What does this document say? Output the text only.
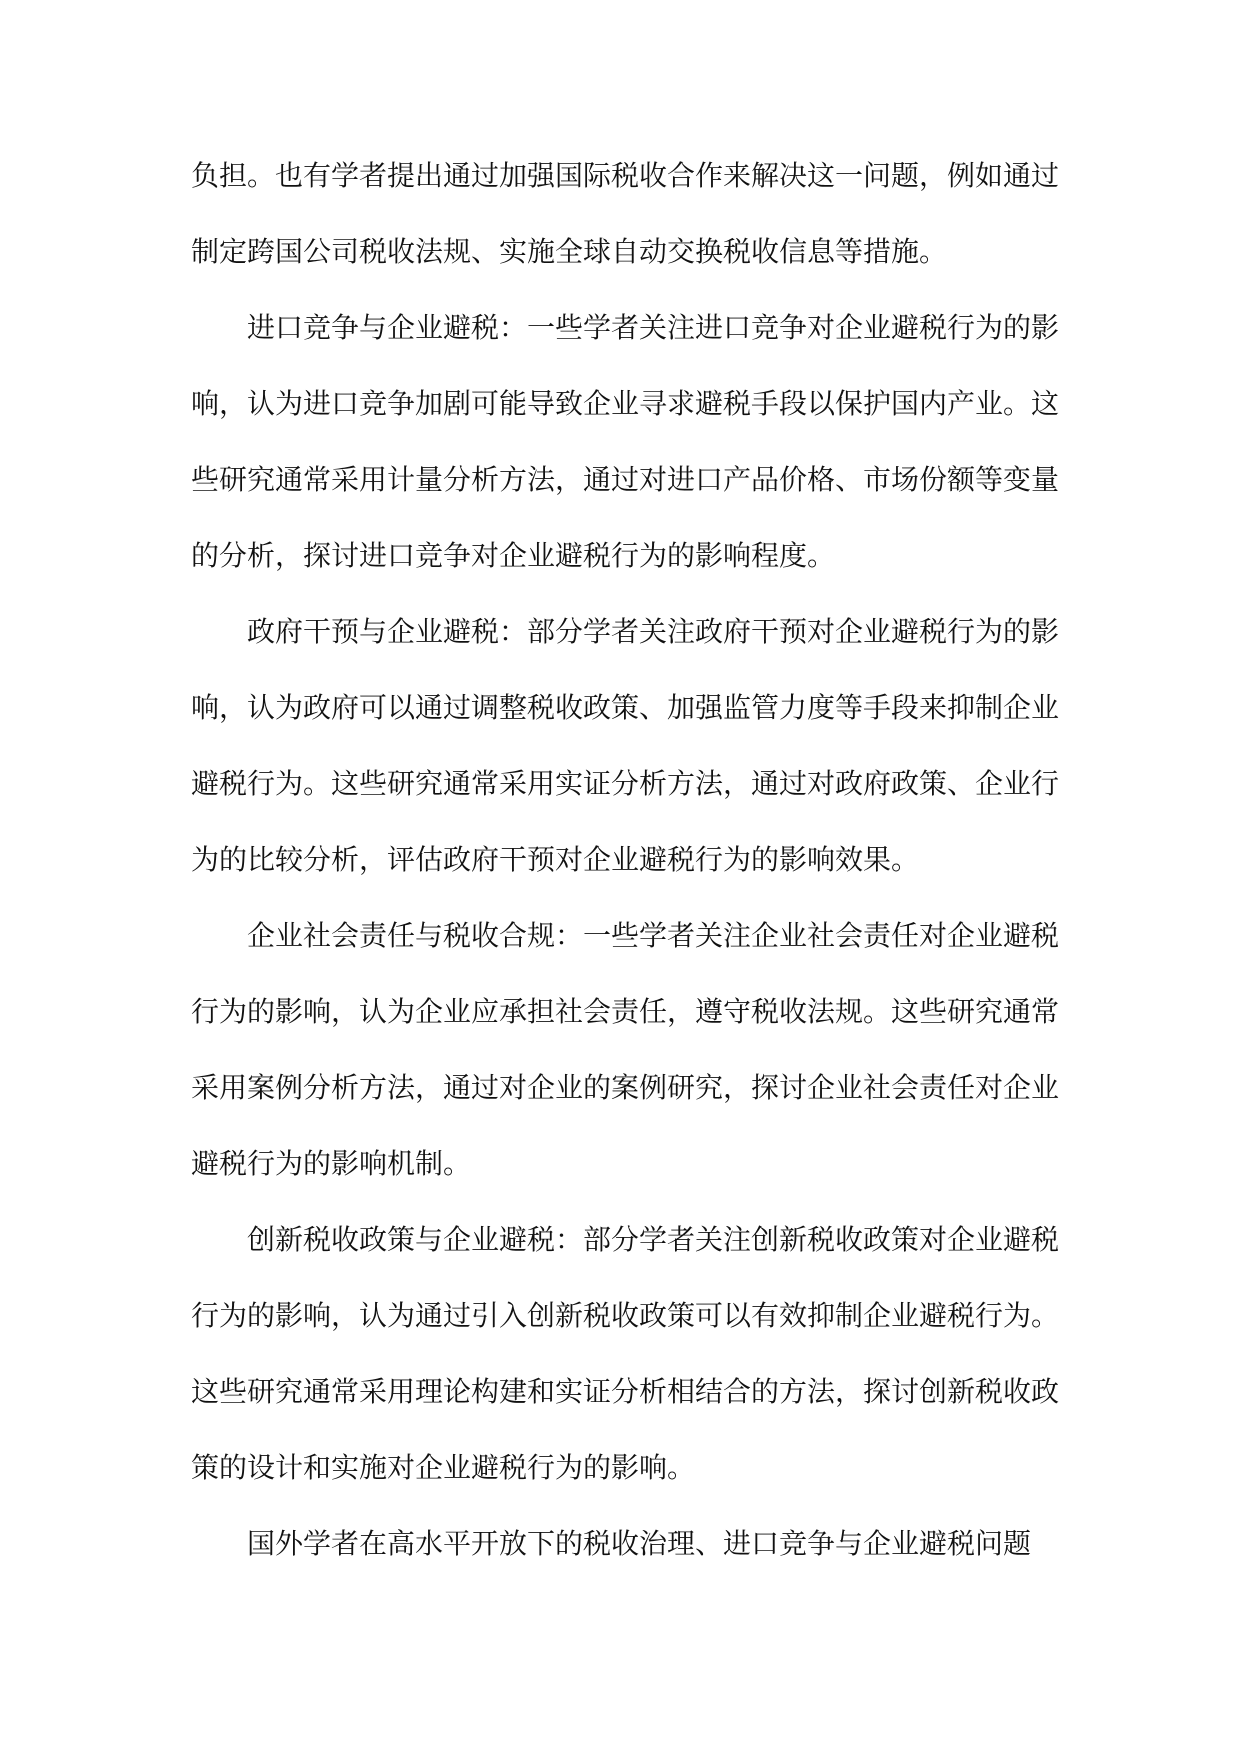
负担。也有学者提出通过加强国际税收合作来解决这一问题，例如通过制定跨国公司税收法规、实施全球自动交换税收信息等措施。

进口竞争与企业避税：一些学者关注进口竞争对企业避税行为的影响，认为进口竞争加剧可能导致企业寻求避税手段以保护国内产业。这些研究通常采用计量分析方法，通过对进口产品价格、市场份额等变量的分析，探讨进口竞争对企业避税行为的影响程度。

政府干预与企业避税：部分学者关注政府干预对企业避税行为的影响，认为政府可以通过调整税收政策、加强监管力度等手段来抑制企业避税行为。这些研究通常采用实证分析方法，通过对政府政策、企业行为的比较分析，评估政府干预对企业避税行为的影响效果。

企业社会责任与税收合规：一些学者关注企业社会责任对企业避税行为的影响，认为企业应承担社会责任，遵守税收法规。这些研究通常采用案例分析方法，通过对企业的案例研究，探讨企业社会责任对企业避税行为的影响机制。

创新税收政策与企业避税：部分学者关注创新税收政策对企业避税行为的影响，认为通过引入创新税收政策可以有效抑制企业避税行为。这些研究通常采用理论构建和实证分析相结合的方法，探讨创新税收政策的设计和实施对企业避税行为的影响。

国外学者在高水平开放下的税收治理、进口竞争与企业避税问题
